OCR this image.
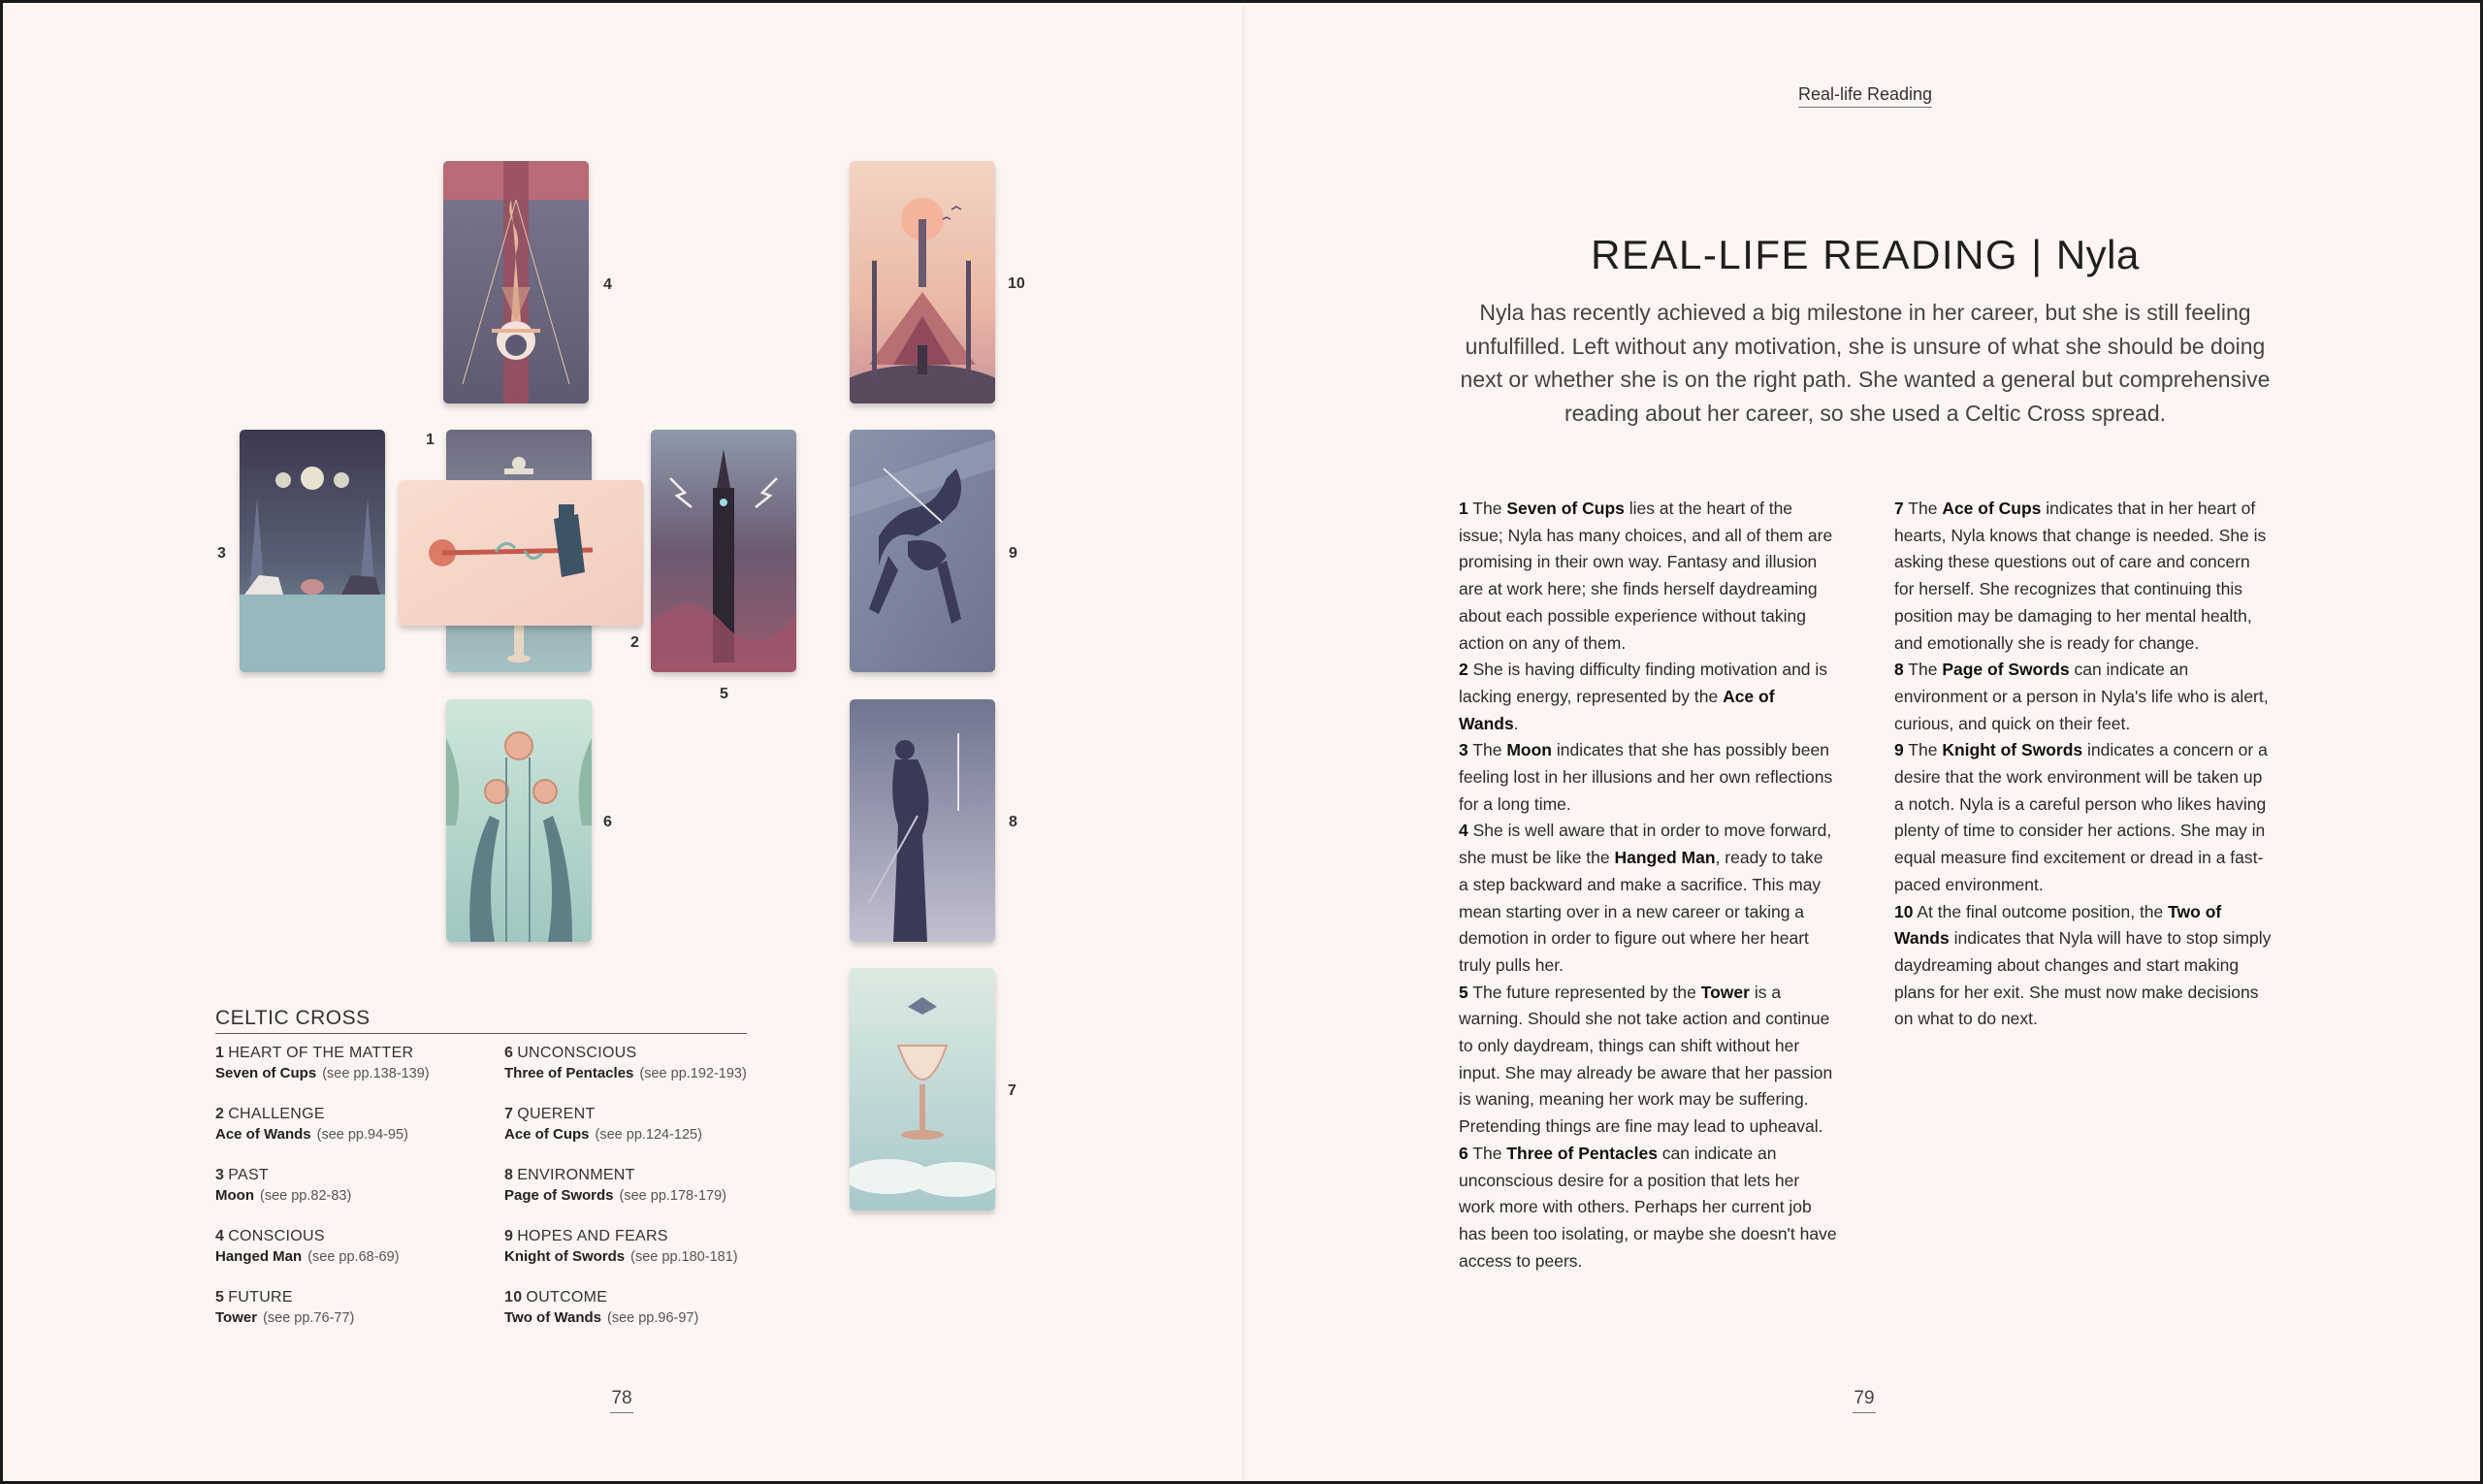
4	10
3
1
2
5
9
6	8
7
CELTIC CROSS
1 HEART OF THE MATTER
Seven of Cups (see pp.138-139)
2 CHALLENGE
Ace of Wands (see pp.94-95)
3 PAST
Moon (see pp.82-83)
4 CONSCIOUS
Hanged Man (see pp.68-69)
5 FUTURE
Tower (see pp.76-77)
6 UNCONSCIOUS
Three of Pentacles (see pp.192-193)
7 QUERENT
Ace of Cups (see pp.124-125)
8 ENVIRONMENT
Page of Swords (see pp.178-179)
9 HOPES AND FEARS
Knight of Swords (see pp.180-181)
10 OUTCOME
Two of Wands (see pp.96-97)
78
Real-life Reading
REAL-LIFE READING | Nyla
Nyla has recently achieved a big milestone in her career, but she is still feeling unfulfilled. Left without any motivation, she is unsure of what she should be doing next or whether she is on the right path. She wanted a general but comprehensive reading about her career, so she used a Celtic Cross spread.

1 The Seven of Cups lies at the heart of the issue; Nyla has many choices, and all of them are promising in their own way. Fantasy and illusion are at work here; she finds herself daydreaming about each possible experience without taking action on any of them.

2 She is having difficulty finding motivation and is lacking energy, represented by the Ace of Wands.

3 The Moon indicates that she has possibly been feeling lost in her illusions and her own reflections for a long time.

4 She is well aware that in order to move forward, she must be like the Hanged Man, ready to take a step backward and make a sacrifice. This may mean starting over in a new career or taking a demotion in order to figure out where her heart truly pulls her.

5 The future represented by the Tower is a warning. Should she not take action and continue to only daydream, things can shift without her input. She may already be aware that her passion is waning, meaning her work may be suffering. Pretending things are fine may lead to upheaval.

6 The Three of Pentacles can indicate an unconscious desire for a position that lets her work more with others. Perhaps her current job has been too isolating, or maybe she doesn't have access to peers.

7 The Ace of Cups indicates that in her heart of hearts, Nyla knows that change is needed. She is asking these questions out of care and concern for herself. She recognizes that continuing this position may be damaging to her mental health, and emotionally she is ready for change.

8 The Page of Swords can indicate an environment or a person in Nyla's life who is alert, curious, and quick on their feet.

9 The Knight of Swords indicates a concern or a desire that the work environment will be taken up a notch. Nyla is a careful person who likes having plenty of time to consider her actions. She may in equal measure find excitement or dread in a fast-paced environment.

10 At the final outcome position, the Two of Wands indicates that Nyla will have to stop simply daydreaming about changes and start making plans for her exit. She must now make decisions on what to do next.

79
